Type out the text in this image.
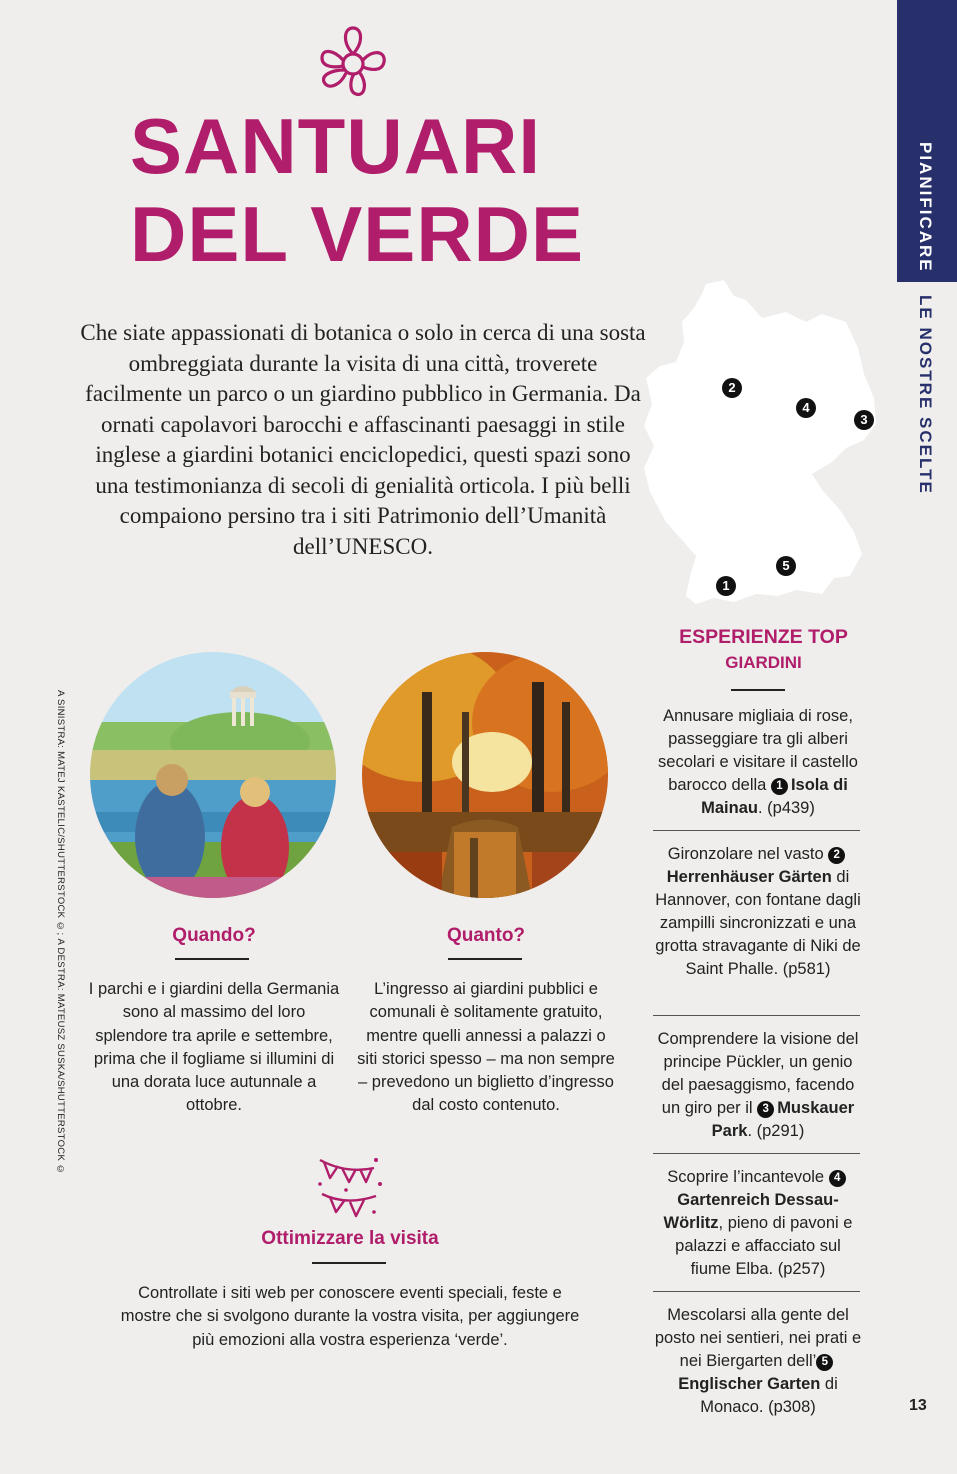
PIANIFICARE
LE NOSTRE SCELTE
SANTUARI
DEL VERDE

Che siate appassionati di botanica o solo in cerca di una sosta ombreggiata durante la visita di una città, troverete facilmente un parco o un giardino pubblico in Germania. Da ornati capolavori barocchi e affascinanti paesaggi in stile inglese a giardini botanici enciclopedici, questi spazi sono una testimonianza di secoli di genialità orticola. I più belli compaiono persino tra i siti Patrimonio dell’Umanità dell’UNESCO.

2
4
3
5
1
A SINISTRA: MATEJ KASTELIC/SHUTTERSTOCK ©; A DESTRA: MATEUSZ SUSKA/SHUTTERSTOCK ©
Quando?

I parchi e i giardini della Germania sono al massimo del loro splendore tra aprile e settembre, prima che il fogliame si illumini di una dorata luce autunnale a ottobre.

Quanto?

L’ingresso ai giardini pubblici e comunali è solitamente gratuito, mentre quelli annessi a palazzi o siti storici spesso – ma non sempre – prevedono un biglietto d’ingresso dal costo contenuto.

Ottimizzare la visita

Controllate i siti web per conoscere eventi speciali, feste e mostre che si svolgono durante la vostra visita, per aggiungere più emozioni alla vostra esperienza ‘verde’.

ESPERIENZE TOP
GIARDINI

Annusare migliaia di rose, passeggiare tra gli alberi secolari e visitare il castello barocco della 1 Isola di Mainau. (p439)

Gironzolare nel vasto 2Herrenhäuser Gärten di Hannover, con fontane dagli zampilli sincronizzati e una grotta stravagante di Niki de Saint Phalle. (p581)

Comprendere la visione del principe Pückler, un genio del paesaggismo, facendo un giro per il 3 Muskauer Park. (p291)

Scoprire l’incantevole 4Gartenreich Dessau-Wörlitz, pieno di pavoni e palazzi e affacciato sul fiume Elba. (p257)

Mescolarsi alla gente del posto nei sentieri, nei prati e nei Biergarten dell’ 5Englischer Garten di Monaco. (p308)	13
